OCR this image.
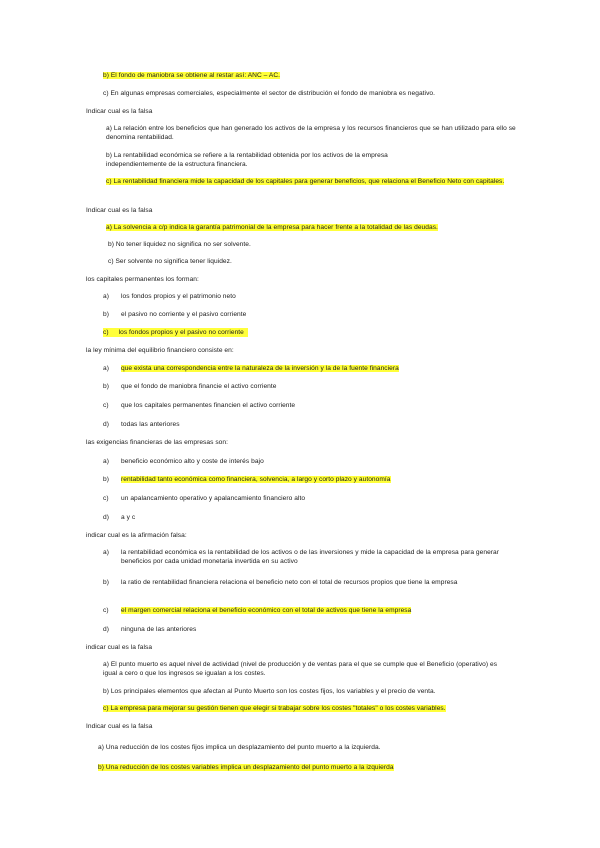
b) El fondo de maniobra se obtiene al restar así: ANC – AC.
c) En algunas empresas comerciales, especialmente el sector de distribución el fondo de maniobra es negativo.
Indicar cual es la falsa
a) La relación entre los beneficios que han generado los activos de la empresa y los recursos financieros que se han utilizado para ello se denomina rentabilidad.
b) La rentabilidad económica se refiere a la rentabilidad obtenida por los activos de la empresa independientemente de la estructura financiera.
c) La rentabilidad financiera mide la capacidad de los capitales para generar beneficios, que relaciona el Beneficio Neto con capitales.
Indicar cual es la falsa
a) La solvencia a c/p indica la garantía patrimonial de la empresa para hacer frente a la totalidad de las deudas.
b) No tener liquidez no significa no ser solvente.
c) Ser solvente no significa tener liquidez.
los capitales permanentes los forman:
a) los fondos propios y el patrimonio neto
b) el pasivo no corriente y el pasivo corriente
c) los fondos propios y el pasivo no corriente
la ley mínima del equilibrio financiero consiste en:
a) que exista una correspondencia entre la naturaleza de la inversión y la de la fuente financiera
b) que el fondo de maniobra financie el activo corriente
c) que los capitales permanentes financien el activo corriente
d) todas las anteriores
las exigencias financieras de las empresas son:
a) beneficio económico alto y coste de interés bajo
b) rentabilidad tanto económica como financiera, solvencia, a largo y corto plazo y autonomía
c) un apalancamiento operativo y apalancamiento financiero alto
d) a y c
indicar cual es la afirmación falsa:
a) la rentabilidad económica es la rentabilidad de los activos o de las inversiones y mide la capacidad de la empresa para generar beneficios por cada unidad monetaria invertida en su activo
b) la ratio de rentabilidad financiera relaciona el beneficio neto con el total de recursos propios que tiene la empresa
c) el margen comercial relaciona el beneficio económico con el total de activos que tiene la empresa
d) ninguna de las anteriores
indicar cual es la falsa
a) El punto muerto es aquel nivel de actividad (nivel de producción y de ventas para el que se cumple que el Beneficio (operativo) es igual a cero o que los ingresos se igualan a los costes.
b) Los principales elementos que afectan al Punto Muerto son los costes fijos, los variables y el precio de venta.
c) La empresa para mejorar su gestión tienen que elegir si trabajar sobre los costes "totales" o los costes variables.
Indicar cual es la falsa
a) Una reducción de los costes fijos implica un desplazamiento del punto muerto a la izquierda.
b) Una reducción de los costes variables implica un desplazamiento del punto muerto a la izquierda
